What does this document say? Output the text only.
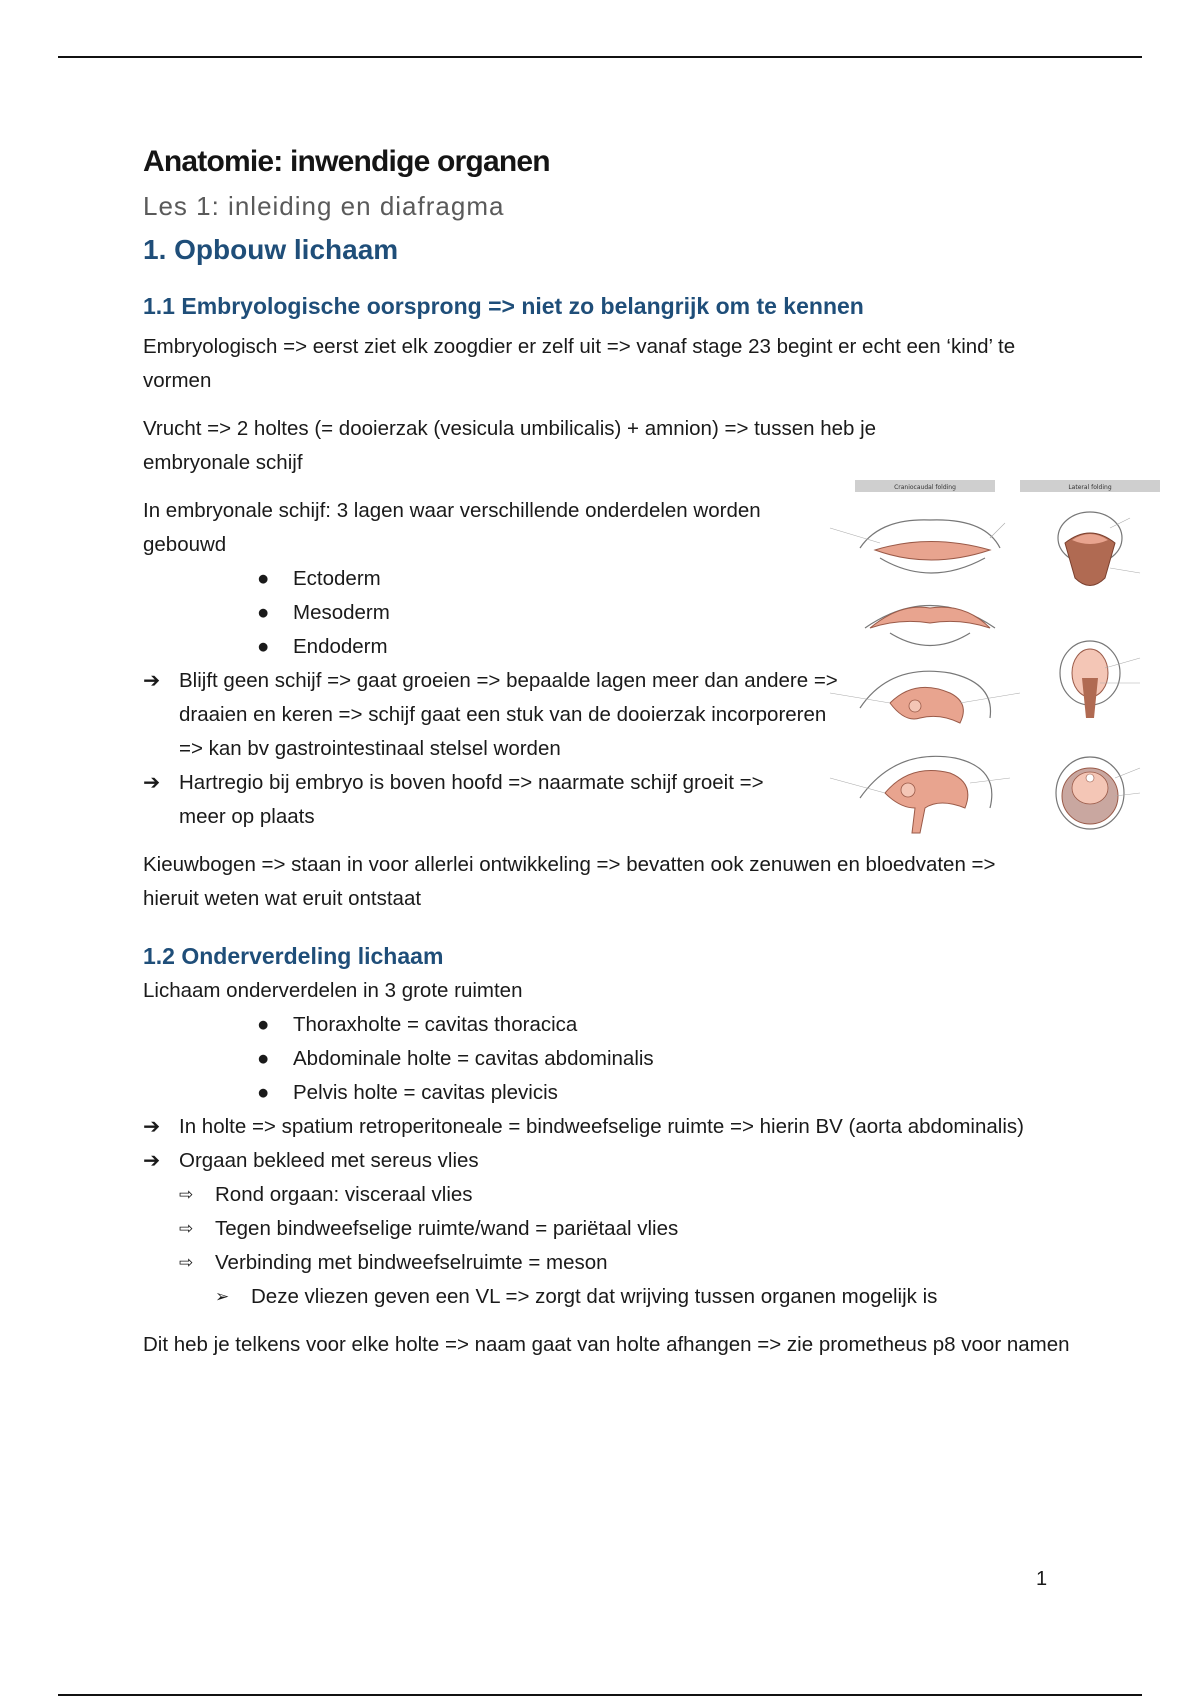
Anatomie: inwendige organen
Les 1: inleiding en diafragma
1. Opbouw lichaam
1.1 Embryologische oorsprong => niet zo belangrijk om te kennen

Embryologisch => eerst ziet elk zoogdier er zelf uit => vanaf stage 23 begint er echt een ‘kind’ te vormen

Vrucht => 2 holtes (= dooierzak (vesicula umbilicalis) + amnion) => tussen heb je embryonale schijf

In embryonale schijf: 3 lagen waar verschillende onderdelen worden gebouwd

● Ectoderm
● Mesoderm
● Endoderm
➔ Blijft geen schijf => gaat groeien => bepaalde lagen meer dan andere => draaien en keren => schijf gaat een stuk van de dooierzak incorporeren => kan bv gastrointestinaal stelsel worden
➔ Hartregio bij embryo is boven hoofd => naarmate schijf groeit => meer op plaats

Kieuwbogen => staan in voor allerlei ontwikkeling => bevatten ook zenuwen en bloedvaten => hieruit weten wat eruit ontstaat

1.2 Onderverdeling lichaam

Lichaam onderverdelen in 3 grote ruimten

● Thoraxholte = cavitas thoracica
● Abdominale holte = cavitas abdominalis
● Pelvis holte = cavitas plevicis
➔ In holte => spatium retroperitoneale = bindweefselige ruimte => hierin BV (aorta abdominalis)
➔ Orgaan bekleed met sereus vlies
⇨ Rond orgaan: visceraal vlies
⇨ Tegen bindweefselige ruimte/wand = pariëtaal vlies
⇨ Verbinding met bindweefselruimte = meson
➢ Deze vliezen geven een VL => zorgt dat wrijving tussen organen mogelijk is

Dit heb je telkens voor elke holte => naam gaat van holte afhangen => zie prometheus p8 voor namen

Craniocaudal folding	Lateral folding
1
